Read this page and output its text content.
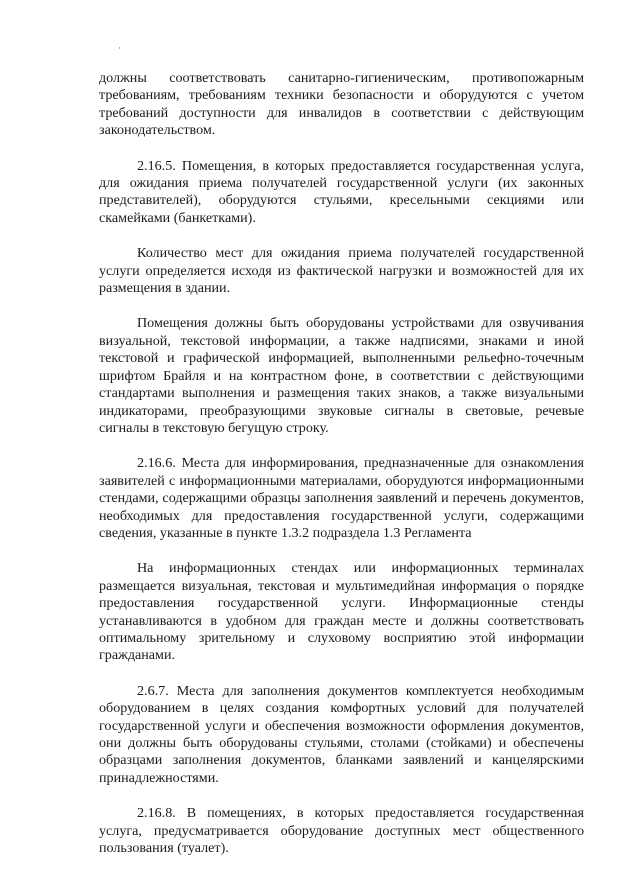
·

должны соответствовать санитарно-гигиеническим, противопожарным требованиям, требованиям техники безопасности и оборудуются с учетом требований доступности для инвалидов в соответствии с действующим законодательством.

2.16.5. Помещения, в которых предоставляется государственная услуга, для ожидания приема получателей государственной услуги (их законных представителей), оборудуются стульями, кресельными секциями или скамейками (банкетками).

Количество мест для ожидания приема получателей государственной услуги определяется исходя из фактической нагрузки и возможностей для их размещения в здании.

Помещения должны быть оборудованы устройствами для озвучивания визуальной, текстовой информации, а также надписями, знаками и иной текстовой и графической информацией, выполненными рельефно-точечным шрифтом Брайля и на контрастном фоне, в соответствии с действующими стандартами выполнения и размещения таких знаков, а также визуальными индикаторами, преобразующими звуковые сигналы в световые, речевые сигналы в текстовую бегущую строку.

2.16.6. Места для информирования, предназначенные для ознакомления заявителей с информационными материалами, оборудуются информационными стендами, содержащими образцы заполнения заявлений и перечень документов, необходимых для предоставления государственной услуги, содержащими сведения, указанные в пункте 1.3.2 подраздела 1.3 Регламента

На информационных стендах или информационных терминалах размещается визуальная, текстовая и мультимедийная информация о порядке предоставления государственной услуги. Информационные стенды устанавливаются в удобном для граждан месте и должны соответствовать оптимальному зрительному и слуховому восприятию этой информации гражданами.

2.6.7. Места для заполнения документов комплектуется необходимым оборудованием в целях создания комфортных условий для получателей государственной услуги и обеспечения возможности оформления документов, они должны быть оборудованы стульями, столами (стойками) и обеспечены образцами заполнения документов, бланками заявлений и канцелярскими принадлежностями.

2.16.8. В помещениях, в которых предоставляется государственная услуга, предусматривается оборудование доступных мест общественного пользования (туалет).
